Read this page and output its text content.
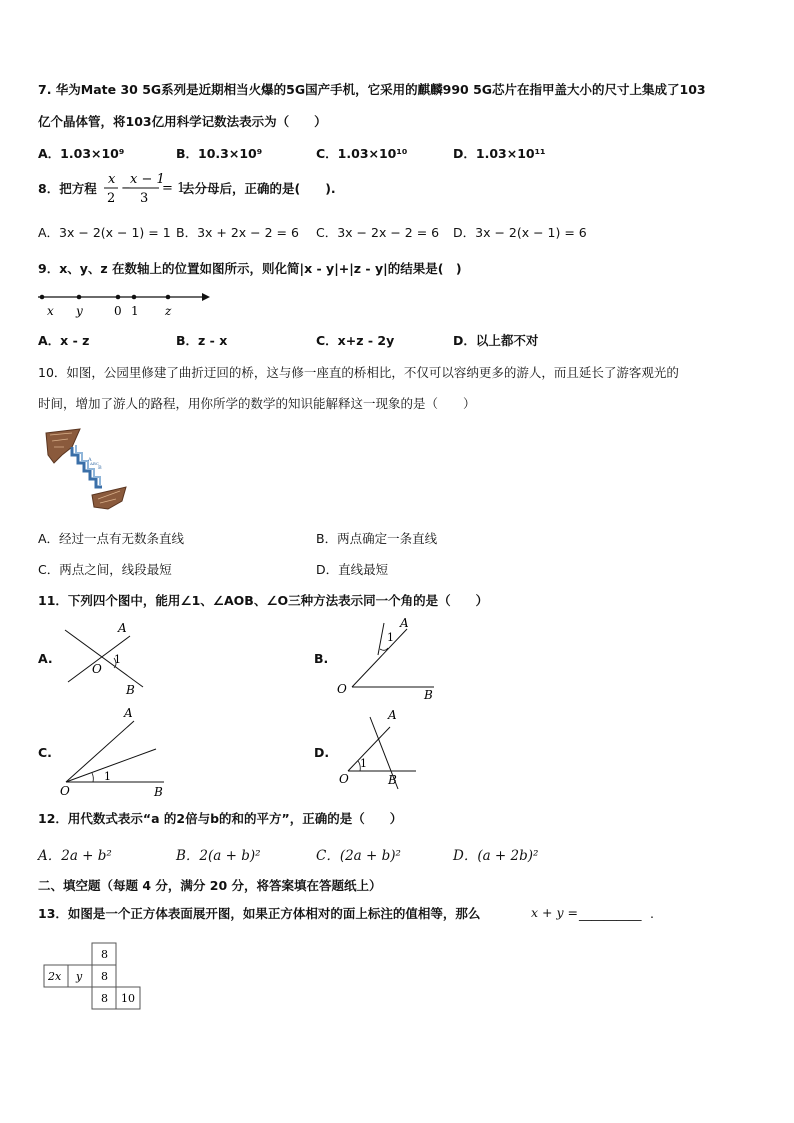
7. 华为Mate 30 5G系列是近期相当火爆的5G国产手机，它采用的麒麟990 5G芯片在指甲盖大小的尺寸上集成了103
亿个晶体管，将103亿用科学记数法表示为（　　）
A．1.03×10⁹	B．10.3×10⁹	C．1.03×10¹⁰	D．1.03×10¹¹
8．把方程
x
2
−
x − 1
3
= 1
去分母后，正确的是(　　).
A．3x − 2(x − 1) = 1 B．3x + 2x − 2 = 6 C．3x − 2x − 2 = 6 D．3x − 2(x − 1) = 6
9．x、y、z 在数轴上的位置如图所示，则化简|x - y|+|z - y|的结果是(　)
x y	0 1 z
A．x - z	B．z - x	C．x+z - 2y	D．以上都不对
10．如图，公园里修建了曲折迂回的桥，这与修一座直的桥相比，不仅可以容纳更多的游人，而且延长了游客观光的
时间，增加了游人的路程，用你所学的数学的知识能解释这一现象的是（　　）
A
B
ABC
A．经过一点有无数条直线	B．两点确定一条直线
C．两点之间，线段最短	D．直线最短
11．下列四个图中，能用∠1、∠AOB、∠O三种方法表示同一个角的是（　　）
A.
A
O
1
B
B.
A
1
O	B
C.
A
1
O	B
D.
A
1
O	B
12．用代数式表示“a 的2倍与b的和的平方”，正确的是（　　）
A．2a + b²	B．2(a + b)²	C．(2a + b)²	D．(a + 2b)²
二、填空题（每题 4 分，满分 20 分，将答案填在答题纸上）
13．如图是一个正方体表面展开图，如果正方体相对的面上标注的值相等，那么	x + y = __________ .
8
2x y 8
8 10
